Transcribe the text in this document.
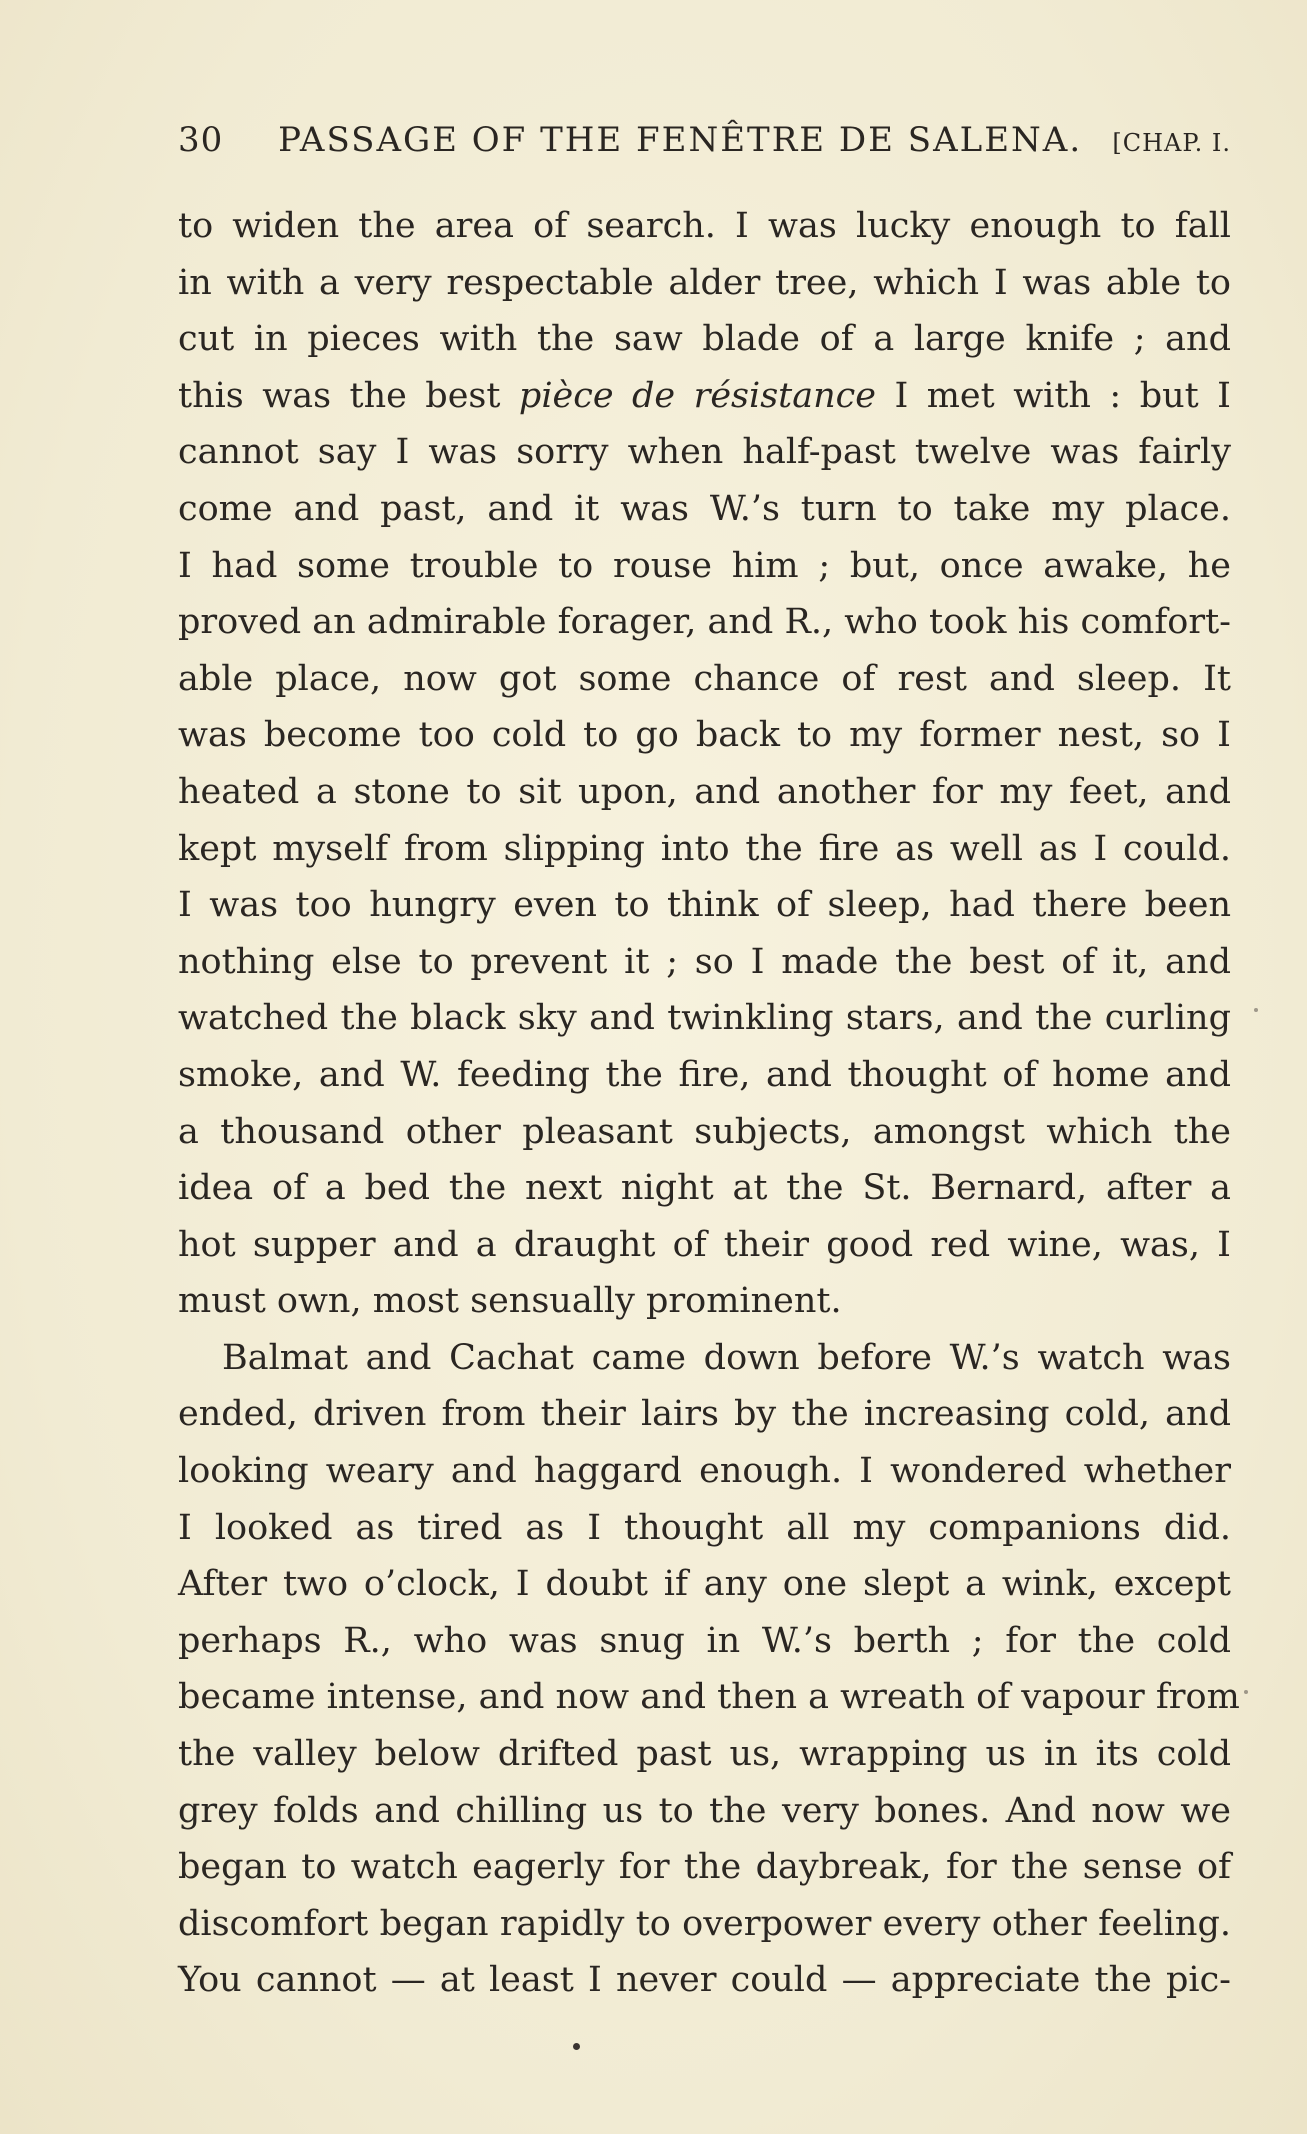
30	PASSAGE OF THE FENÊTRE DE SALENA.	[CHAP. I.
to widen the area of search. I was lucky enough to fall
in with a very respectable alder tree, which I was able to
cut in pieces with the saw blade of a large knife ; and
this was the best pièce de résistance I met with : but I
cannot say I was sorry when half-past twelve was fairly
come and past, and it was W.’s turn to take my place.
I had some trouble to rouse him ; but, once awake, he
proved an admirable forager, and R., who took his comfort-
able place, now got some chance of rest and sleep. It
was become too cold to go back to my former nest, so I
heated a stone to sit upon, and another for my feet, and
kept myself from slipping into the fire as well as I could.
I was too hungry even to think of sleep, had there been
nothing else to prevent it ; so I made the best of it, and
watched the black sky and twinkling stars, and the curling
smoke, and W. feeding the fire, and thought of home and
a thousand other pleasant subjects, amongst which the
idea of a bed the next night at the St. Bernard, after a
hot supper and a draught of their good red wine, was, I
must own, most sensually prominent.
Balmat and Cachat came down before W.’s watch was
ended, driven from their lairs by the increasing cold, and
looking weary and haggard enough. I wondered whether
I looked as tired as I thought all my companions did.
After two o’clock, I doubt if any one slept a wink, except
perhaps R., who was snug in W.’s berth ; for the cold
became intense, and now and then a wreath of vapour from
the valley below drifted past us, wrapping us in its cold
grey folds and chilling us to the very bones. And now we
began to watch eagerly for the daybreak, for the sense of
discomfort began rapidly to overpower every other feeling.
You cannot — at least I never could — appreciate the pic-
